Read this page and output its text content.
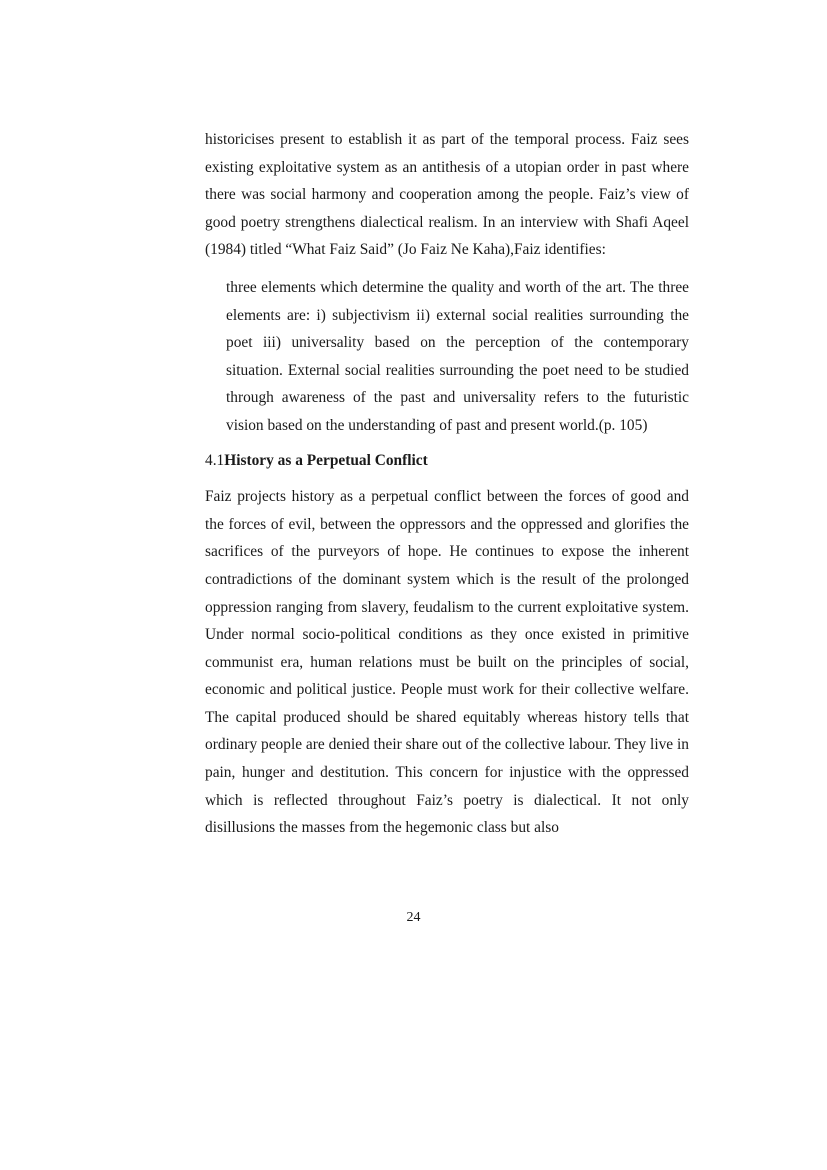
historicises present to establish it as part of the temporal process. Faiz sees existing exploitative system as an antithesis of a utopian order in past where there was social harmony and cooperation among the people. Faiz’s view of good poetry strengthens dialectical realism. In an interview with Shafi Aqeel (1984) titled “What Faiz Said” (Jo Faiz Ne Kaha),Faiz identifies:

three elements which determine the quality and worth of the art. The three elements are: i) subjectivism ii) external social realities surrounding the poet iii) universality based on the perception of the contemporary situation. External social realities surrounding the poet need to be studied through awareness of the past and universality refers to the futuristic vision based on the understanding of past and present world.(p. 105)

4.1History as a Perpetual Conflict

Faiz projects history as a perpetual conflict between the forces of good and the forces of evil, between the oppressors and the oppressed and glorifies the sacrifices of the purveyors of hope. He continues to expose the inherent contradictions of the dominant system which is the result of the prolonged oppression ranging from slavery, feudalism to the current exploitative system. Under normal socio-political conditions as they once existed in primitive communist era, human relations must be built on the principles of social, economic and political justice. People must work for their collective welfare. The capital produced should be shared equitably whereas history tells that ordinary people are denied their share out of the collective labour. They live in pain, hunger and destitution. This concern for injustice with the oppressed which is reflected throughout Faiz’s poetry is dialectical. It not only disillusions the masses from the hegemonic class but also

24
